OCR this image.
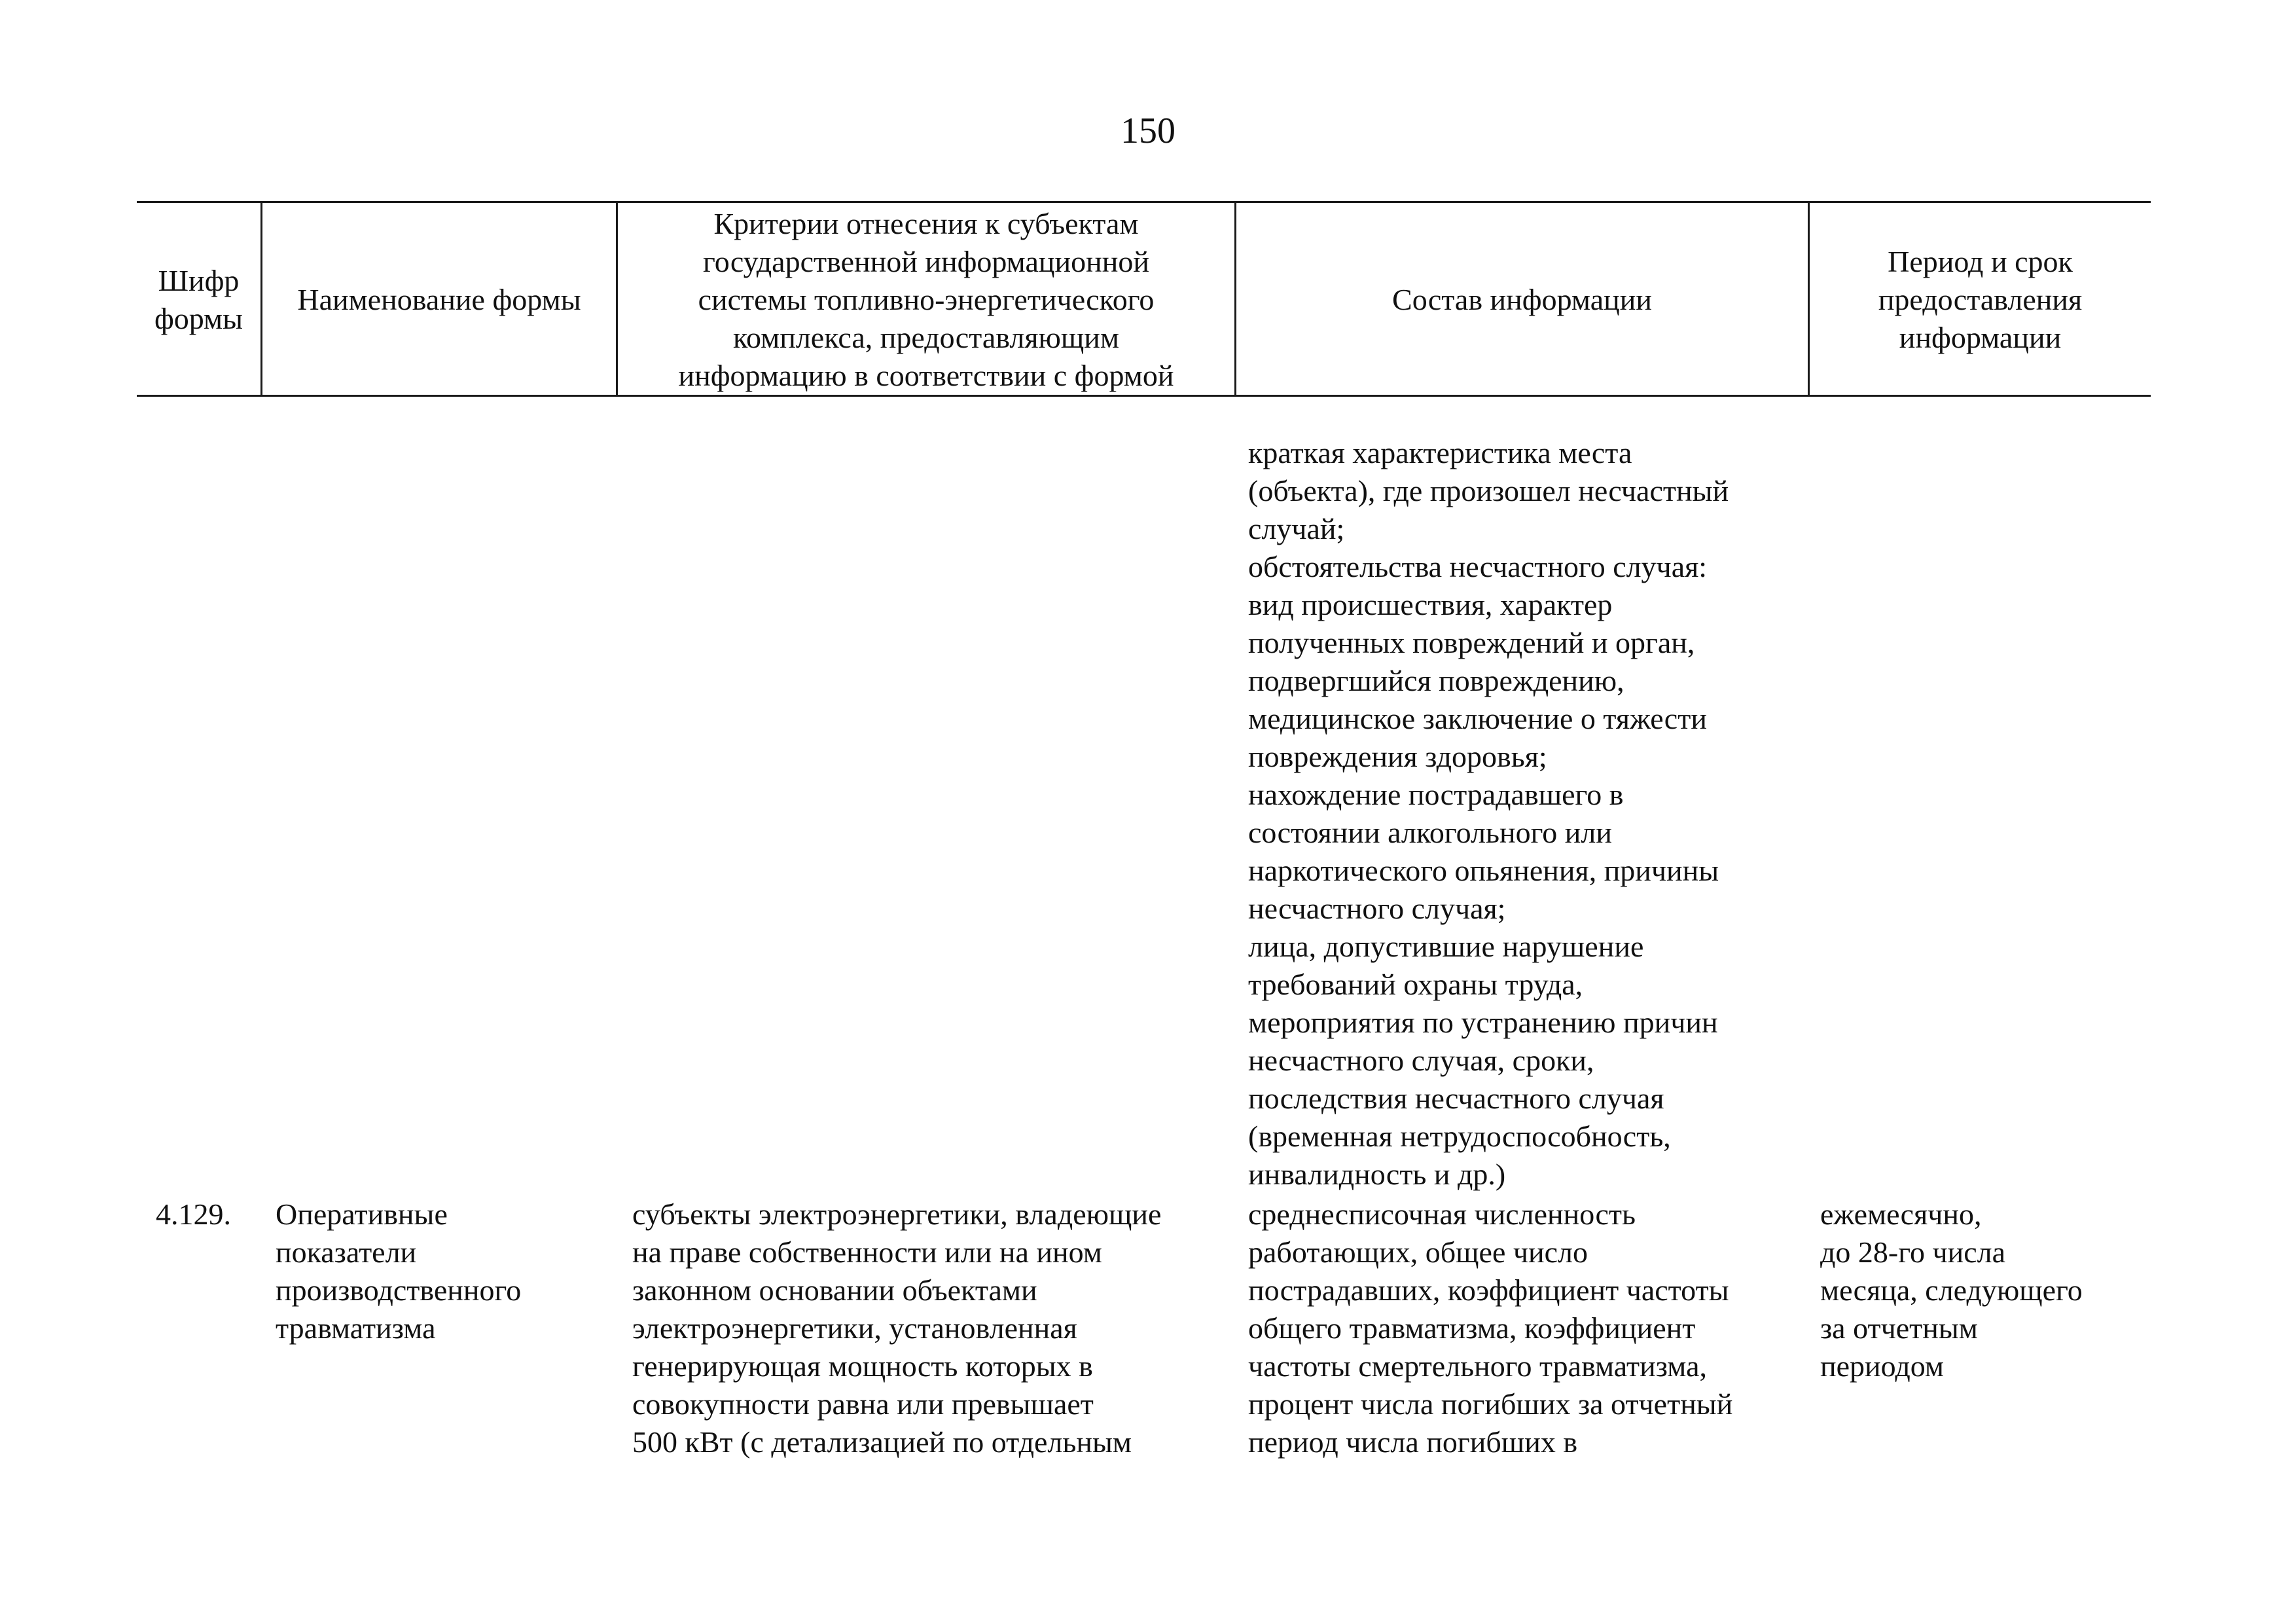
150
Шифр
формы
Наименование формы
Критерии отнесения к субъектам
государственной информационной
системы топливно-энергетического
комплекса, предоставляющим
информацию в соответствии с формой
Состав информации
Период и срок
предоставления
информации
краткая характеристика места
(объекта), где произошел несчастный
случай;
обстоятельства несчастного случая:
вид происшествия, характер
полученных повреждений и орган,
подвергшийся повреждению,
медицинское заключение о тяжести
повреждения здоровья;
нахождение пострадавшего в
состоянии алкогольного или
наркотического опьянения, причины
несчастного случая;
лица, допустившие нарушение
требований охраны труда,
мероприятия по устранению причин
несчастного случая, сроки,
последствия несчастного случая
(временная нетрудоспособность,
инвалидность и др.)
4.129.	Оперативные
показатели
производственного
травматизма
субъекты электроэнергетики, владеющие
на праве собственности или на ином
законном основании объектами
электроэнергетики, установленная
генерирующая мощность которых в
совокупности равна или превышает
500 кВт (с детализацией по отдельным
среднесписочная численность
работающих, общее число
пострадавших, коэффициент частоты
общего травматизма, коэффициент
частоты смертельного травматизма,
процент числа погибших за отчетный
период числа погибших в
ежемесячно,
до 28-го числа
месяца, следующего
за отчетным
периодом
